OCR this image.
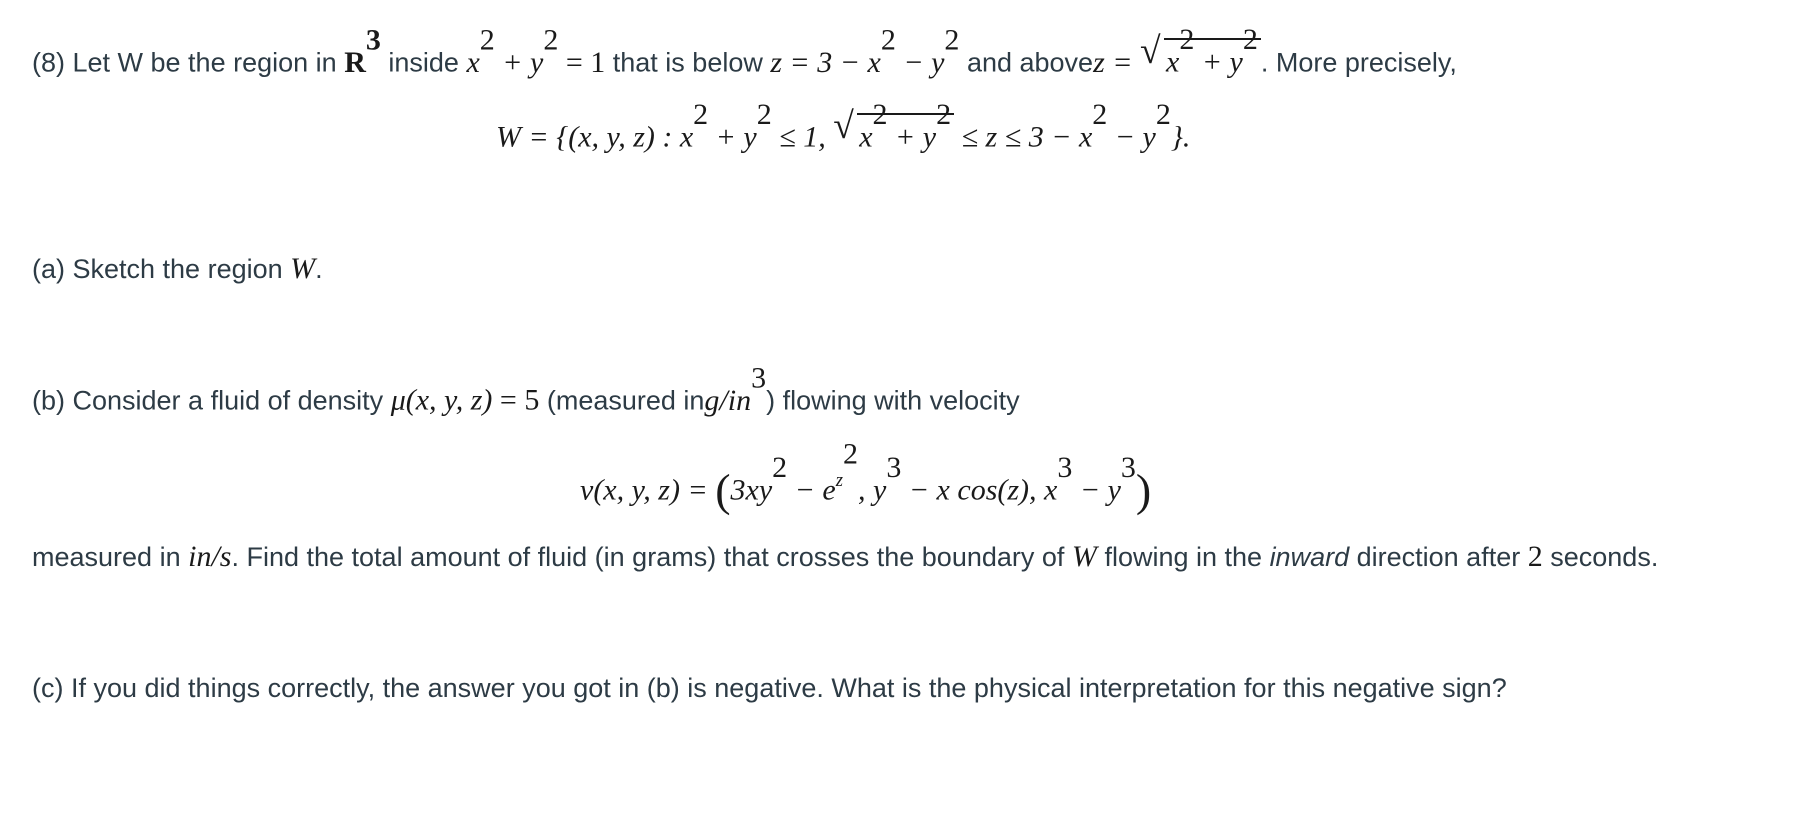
(8) Let W be the region in $R^3$ inside $x^2 + y^2 = 1$ that is below $z = 3 - x^2 - y^2$ and abovez = √ $x^2 + y^2$. More precisely,
W = {(x, y, z) : $x^2 + y^2 \le 1$, √ $x^2 + y^2 \le z \le 3 - x^2 - y^2$}.
(a) Sketch the region W.
(b) Consider a fluid of density μ(x, y, z) = 5 (measured ing/$in^3$) flowing with velocity
v(x, y, $z) = (3xy^2 - e^{z^2}$, $y^3 - x$ cos(z), $x^3 - y^3$)
measured in in/s. Find the total amount of fluid (in grams) that crosses the boundary of W flowing in the inward direction after 2 seconds.
(c) If you did things correctly, the answer you got in (b) is negative. What is the physical interpretation for this negative sign?
